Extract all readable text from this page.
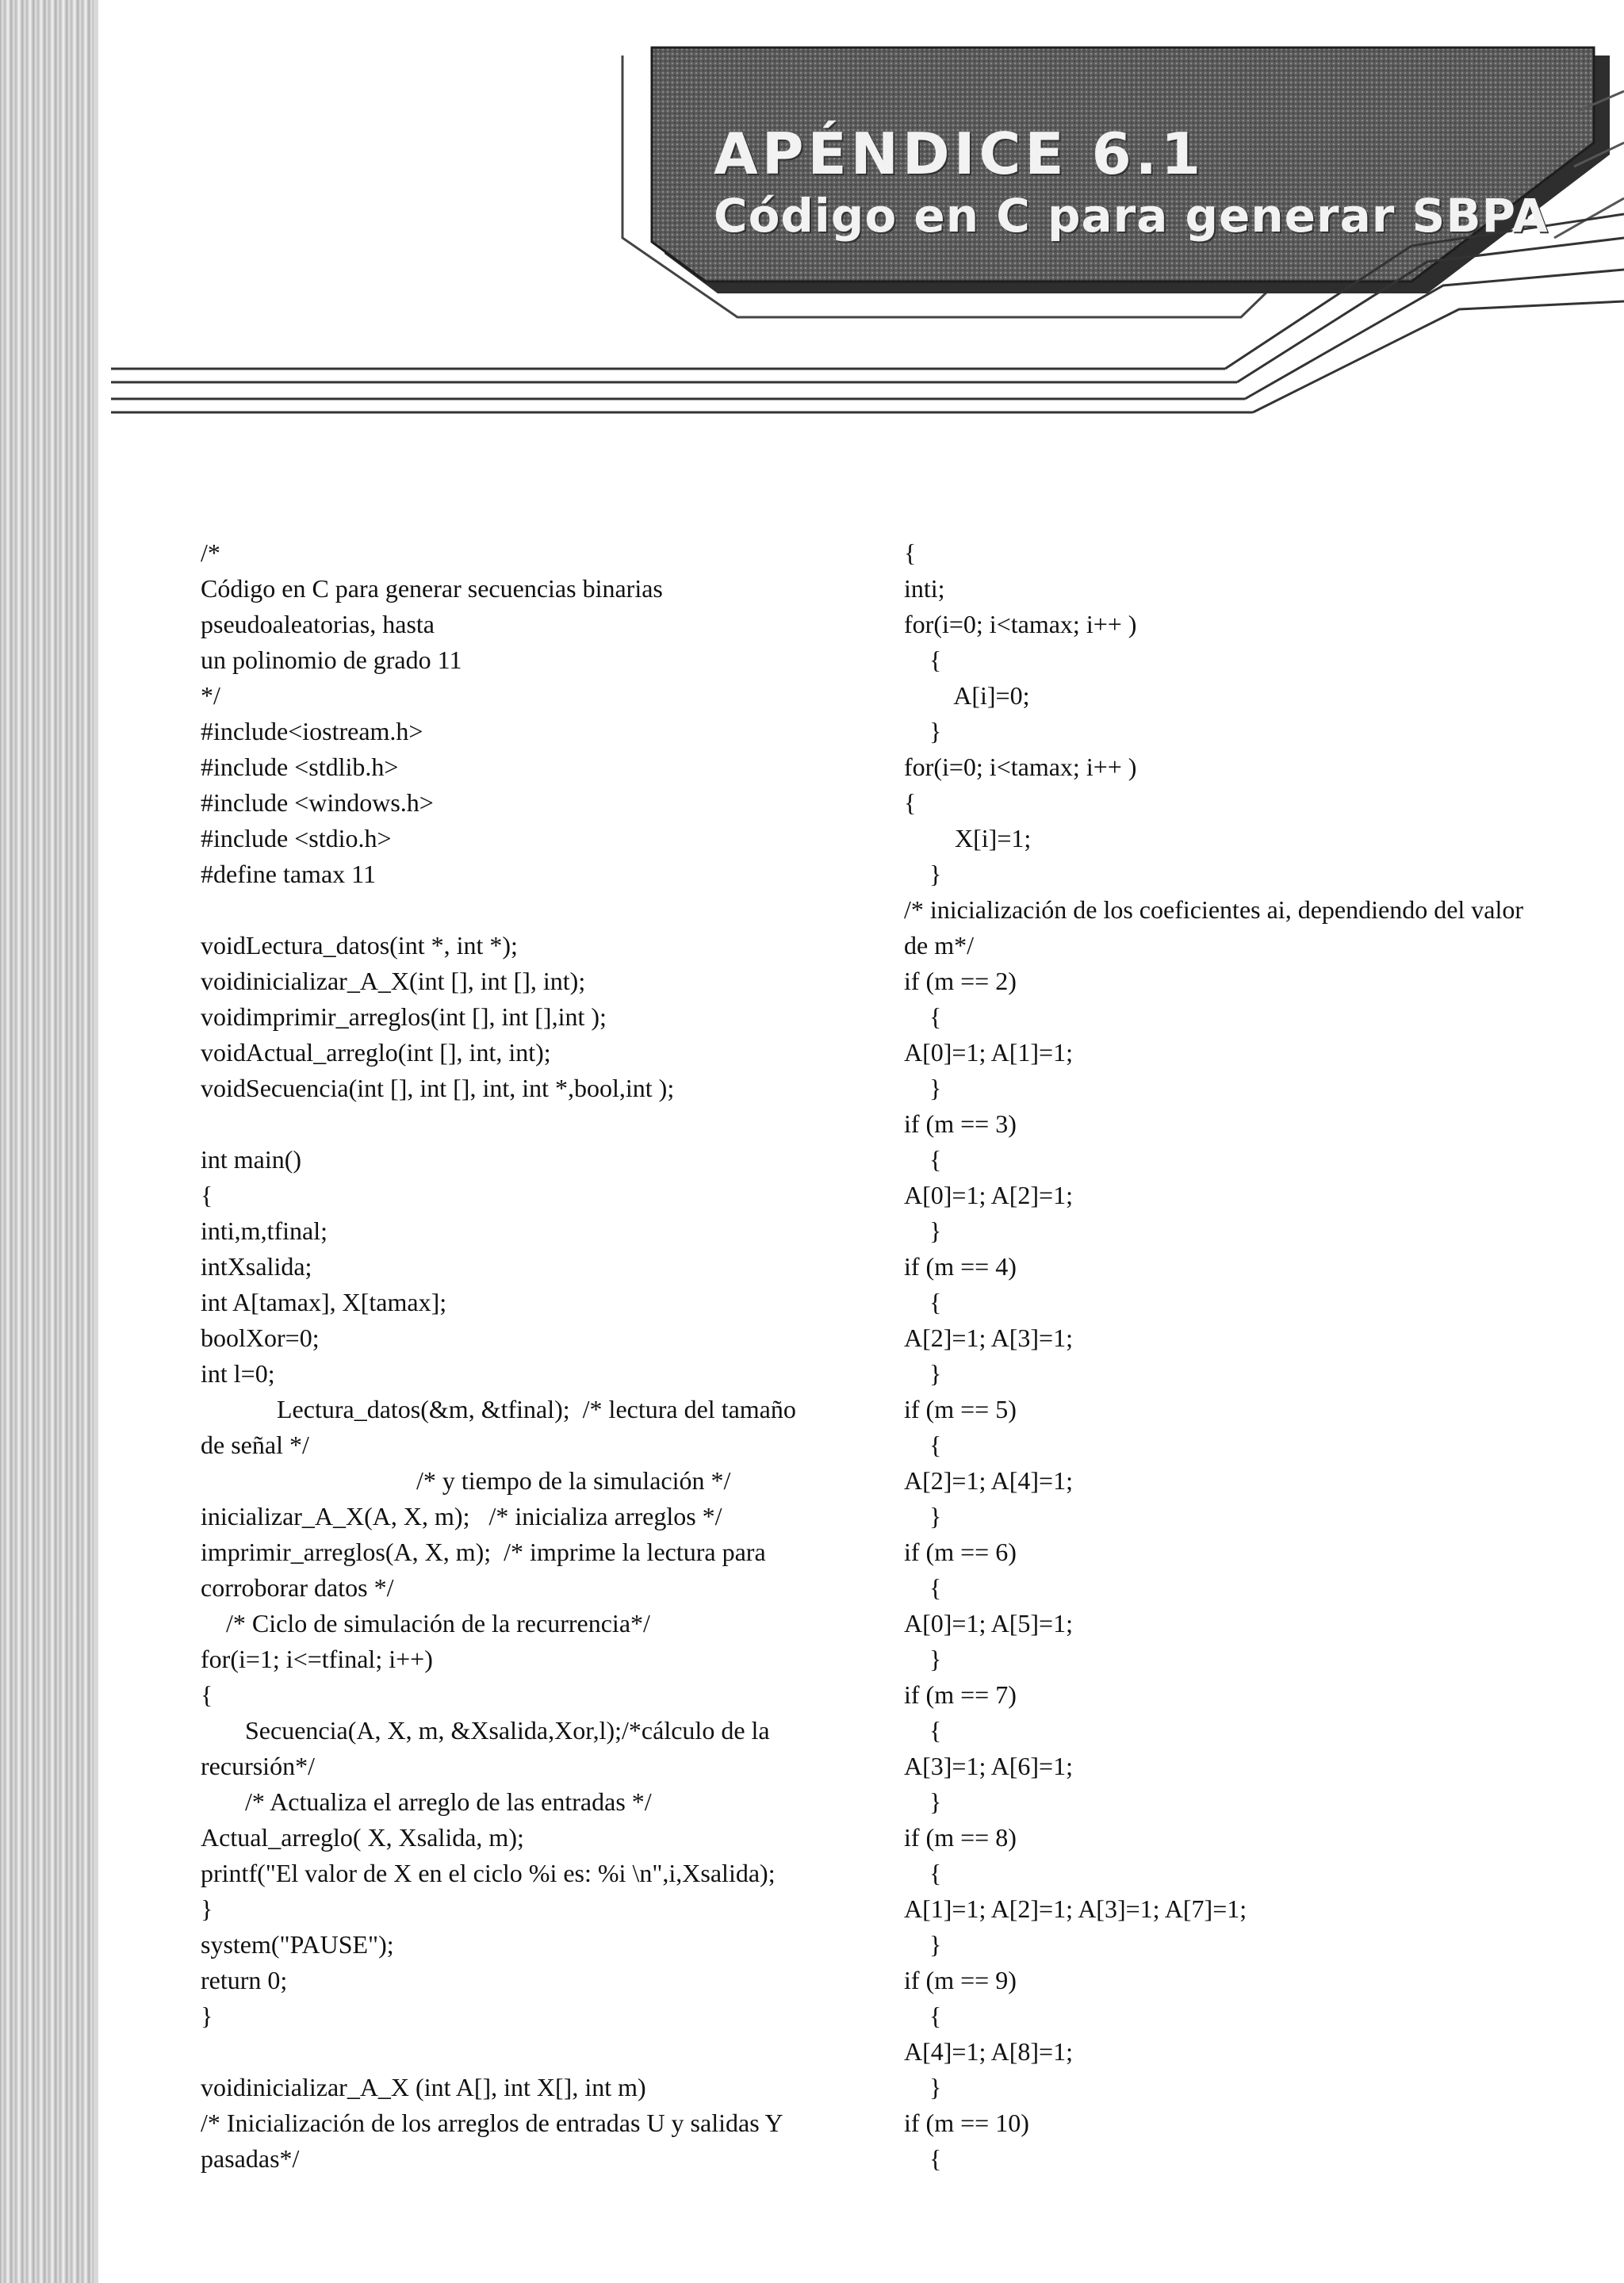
APÉNDICE 6.1
Código en C para generar SBPA
/*
Código en C para generar secuencias binarias
pseudoaleatorias, hasta
un polinomio de grado 11
*/
#include<iostream.h>
#include <stdlib.h>
#include <windows.h>
#include <stdio.h>
#define tamax 11
voidLectura_datos(int *, int *);
voidinicializar_A_X(int [], int [], int);
voidimprimir_arreglos(int [], int [],int );
voidActual_arreglo(int [], int, int);
voidSecuencia(int [], int [], int, int *,bool,int );
int main()
{
inti,m,tfinal;
intXsalida;
int A[tamax], X[tamax];
boolXor=0;
int l=0;
Lectura_datos(&m, &tfinal);  /* lectura del tamaño
de señal */
/* y tiempo de la simulación */
inicializar_A_X(A, X, m);   /* inicializa arreglos */
imprimir_arreglos(A, X, m);  /* imprime la lectura para
corroborar datos */
/* Ciclo de simulación de la recurrencia*/
for(i=1; i<=tfinal; i++)
{
Secuencia(A, X, m, &Xsalida,Xor,l);/*cálculo de la
recursión*/
/* Actualiza el arreglo de las entradas */
Actual_arreglo( X, Xsalida, m);
printf("El valor de X en el ciclo %i es: %i \n",i,Xsalida);
}
system("PAUSE");
return 0;
}
voidinicializar_A_X (int A[], int X[], int m)
/* Inicialización de los arreglos de entradas U y salidas Y
pasadas*/
{
inti;
for(i=0; i<tamax; i++ )
{
A[i]=0;
}
for(i=0; i<tamax; i++ )
{
X[i]=1;
}
/* inicialización de los coeficientes ai, dependiendo del valor
de m*/
if (m == 2)
{
A[0]=1; A[1]=1;
}
if (m == 3)
{
A[0]=1; A[2]=1;
}
if (m == 4)
{
A[2]=1; A[3]=1;
}
if (m == 5)
{
A[2]=1; A[4]=1;
}
if (m == 6)
{
A[0]=1; A[5]=1;
}
if (m == 7)
{
A[3]=1; A[6]=1;
}
if (m == 8)
{
A[1]=1; A[2]=1; A[3]=1; A[7]=1;
}
if (m == 9)
{
A[4]=1; A[8]=1;
}
if (m == 10)
{
